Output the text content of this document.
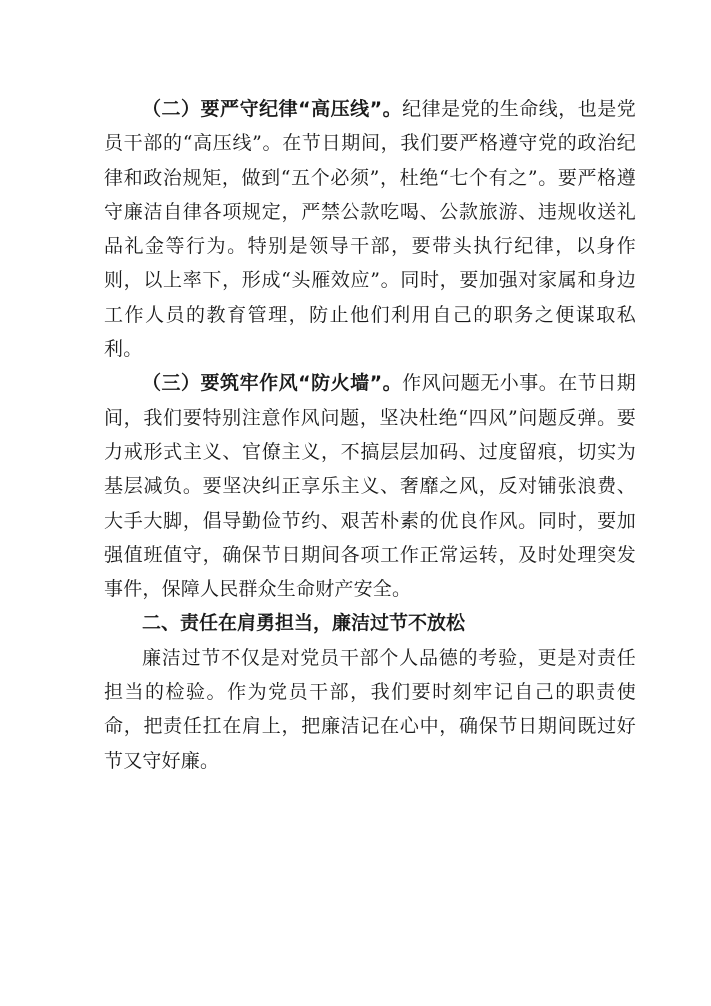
（二）要严守纪律“高压线”。纪律是党的生命线，也是党员干部的“高压线”。在节日期间，我们要严格遵守党的政治纪律和政治规矩，做到“五个必须”，杜绝“七个有之”。要严格遵守廉洁自律各项规定，严禁公款吃喝、公款旅游、违规收送礼品礼金等行为。特别是领导干部，要带头执行纪律，以身作则，以上率下，形成“头雁效应”。同时，要加强对家属和身边工作人员的教育管理，防止他们利用自己的职务之便谋取私利。

（三）要筑牢作风“防火墙”。作风问题无小事。在节日期间，我们要特别注意作风问题，坚决杜绝“四风”问题反弹。要力戒形式主义、官僚主义，不搞层层加码、过度留痕，切实为基层减负。要坚决纠正享乐主义、奢靡之风，反对铺张浪费、大手大脚，倡导勤俭节约、艰苦朴素的优良作风。同时，要加强值班值守，确保节日期间各项工作正常运转，及时处理突发事件，保障人民群众生命财产安全。

二、责任在肩勇担当，廉洁过节不放松

廉洁过节不仅是对党员干部个人品德的考验，更是对责任担当的检验。作为党员干部，我们要时刻牢记自己的职责使命，把责任扛在肩上，把廉洁记在心中，确保节日期间既过好节又守好廉。
